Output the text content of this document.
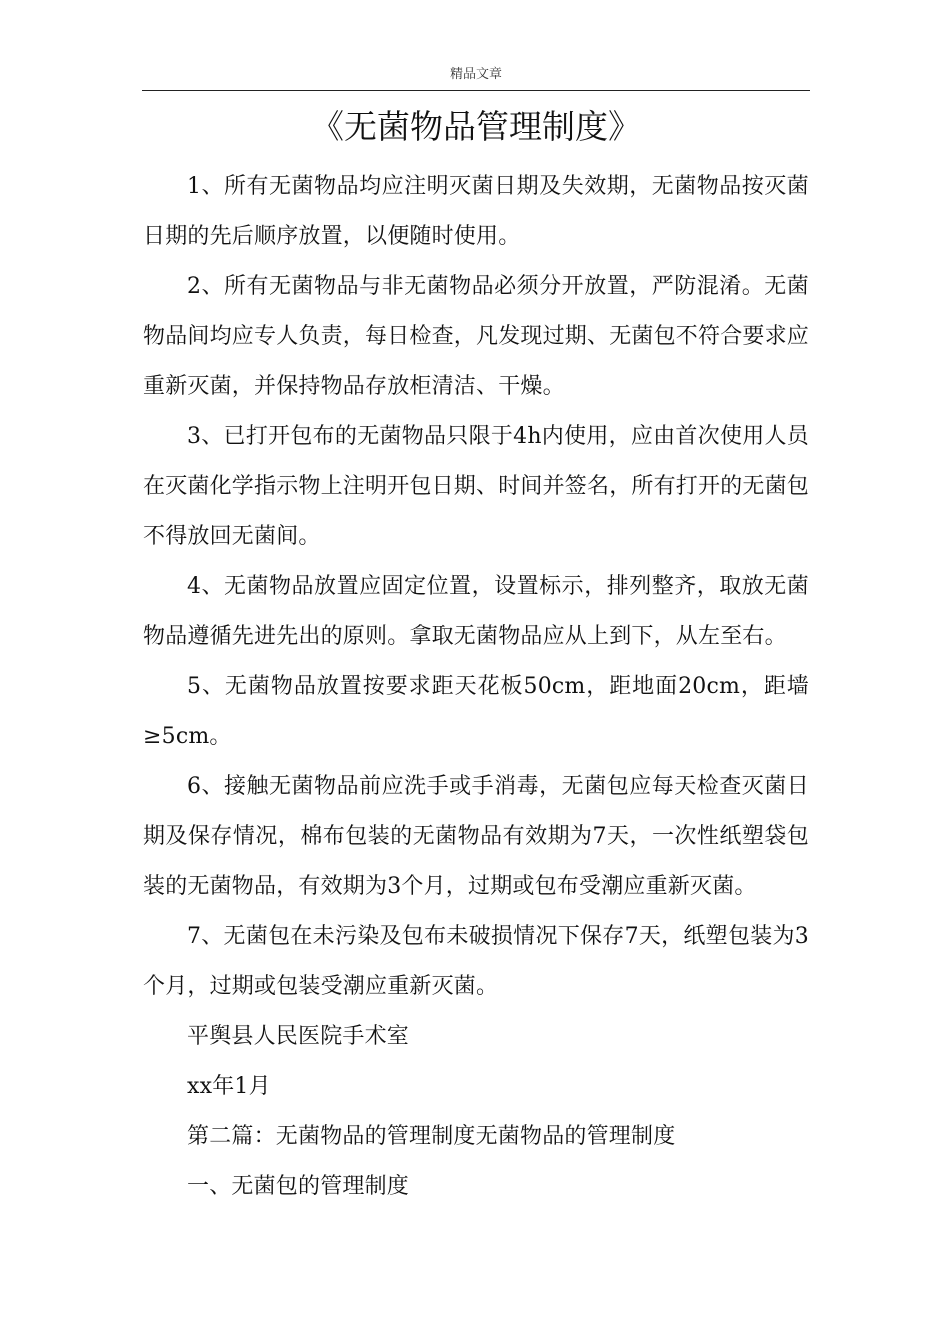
精品文章
《无菌物品管理制度》

1、所有无菌物品均应注明灭菌日期及失效期，无菌物品按灭菌日期的先后顺序放置，以便随时使用。

2、所有无菌物品与非无菌物品必须分开放置，严防混淆。无菌物品间均应专人负责，每日检查，凡发现过期、无菌包不符合要求应重新灭菌，并保持物品存放柜清洁、干燥。

3、已打开包布的无菌物品只限于4h内使用，应由首次使用人员在灭菌化学指示物上注明开包日期、时间并签名，所有打开的无菌包不得放回无菌间。

4、无菌物品放置应固定位置，设置标示，排列整齐，取放无菌物品遵循先进先出的原则。拿取无菌物品应从上到下，从左至右。

5、无菌物品放置按要求距天花板50cm，距地面20cm，距墙≥5cm。

6、接触无菌物品前应洗手或手消毒，无菌包应每天检查灭菌日期及保存情况，棉布包装的无菌物品有效期为7天，一次性纸塑袋包装的无菌物品，有效期为3个月，过期或包布受潮应重新灭菌。

7、无菌包在未污染及包布未破损情况下保存7天，纸塑包装为3个月，过期或包装受潮应重新灭菌。

平舆县人民医院手术室

xx年1月

第二篇：无菌物品的管理制度无菌物品的管理制度

一、无菌包的管理制度
